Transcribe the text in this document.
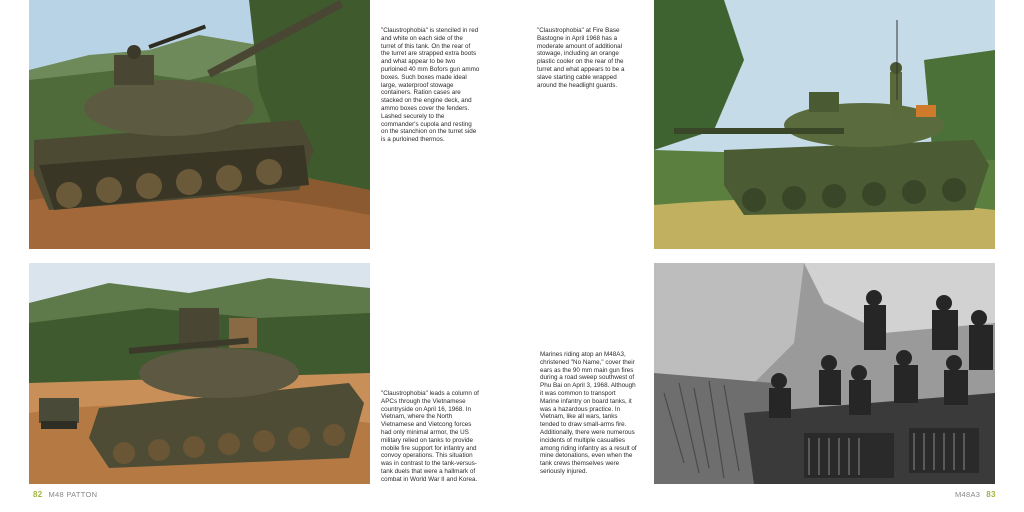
"Claustrophobia" is stenciled in red
and white on each side of the
turret of this tank. On the rear of
the turret are strapped extra boots
and what appear to be two
purloined 40 mm Bofors gun ammo
boxes. Such boxes made ideal
large, waterproof stowage
containers. Ration cases are
stacked on the engine deck, and
ammo boxes cover the fenders.
Lashed securely to the
commander's cupola and resting
on the stanchion on the turret side
is a purloined thermos.

"Claustrophobia" leads a column of
APCs through the Vietnamese
countryside on April 16, 1968. In
Vietnam, where the North
Vietnamese and Vietcong forces
had only minimal armor, the US
military relied on tanks to provide
mobile fire support for infantry and
convoy operations. This situation
was in contrast to the tank-versus-
tank duels that were a hallmark of
combat in World War II and Korea.

82 M48 PATTON

"Claustrophobia" at Fire Base
Bastogne in April 1968 has a
moderate amount of additional
stowage, including an orange
plastic cooler on the rear of the
turret and what appears to be a
slave starting cable wrapped
around the headlight guards.

Marines riding atop an M48A3,
christened "No Name," cover their
ears as the 90 mm main gun fires
during a road sweep southwest of
Phu Bai on April 3, 1968. Although
it was common to transport
Marine infantry on board tanks, it
was a hazardous practice. In
Vietnam, like all wars, tanks
tended to draw small-arms fire.
Additionally, there were numerous
incidents of multiple casualties
among riding infantry as a result of
mine detonations, even when the
tank crews themselves were
seriously injured.

M48A3 83
